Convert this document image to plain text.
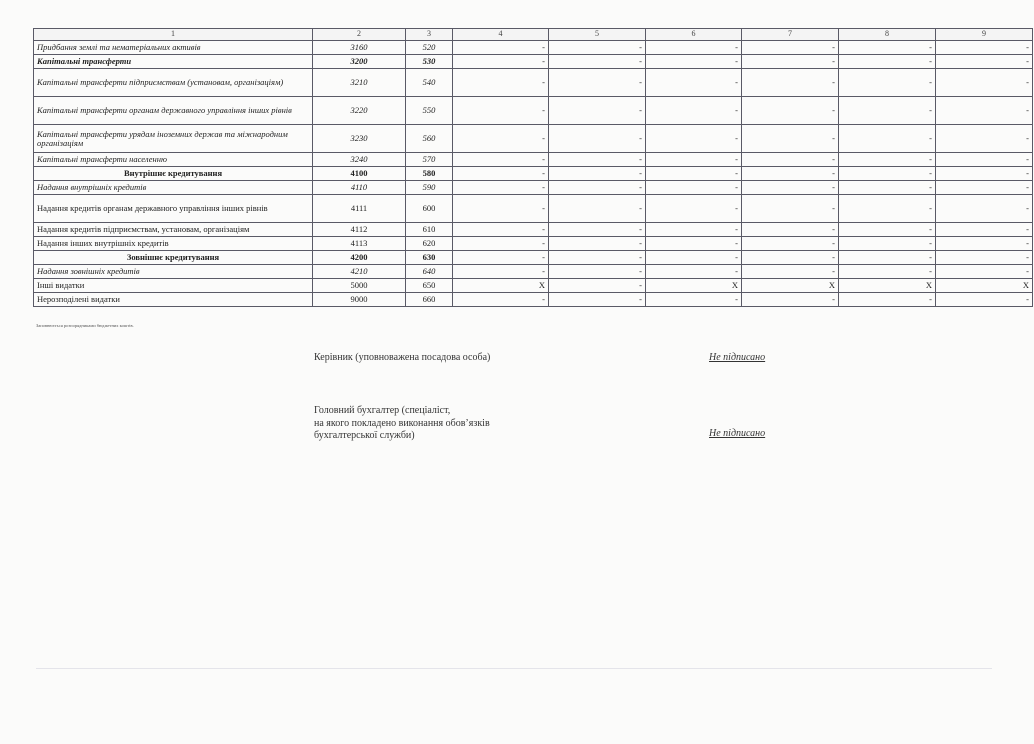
1	2	3	4	5	6	7	8	9
Придбання землі та нематеріальних активів	3160	520	-	-	-	-	-	-
Капітальні трансферти	3200	530	-	-	-	-	-	-
Капітальні трансферти підприємствам (установам, організаціям)	3210	540	-	-	-	-	-	-
Капітальні трансферти органам державного управління інших рівнів	3220	550	-	-	-	-	-	-
Капітальні трансферти урядам іноземних держав та міжнародним організаціям	3230	560	-	-	-	-	-	-
Капітальні трансферти населенню	3240	570	-	-	-	-	-	-
Внутрішнє кредитування	4100	580	-	-	-	-	-	-
Надання внутрішніх кредитів	4110	590	-	-	-	-	-	-
Надання кредитів органам державного управління інших рівнів	4111	600	-	-	-	-	-	-
Надання кредитів підприємствам, установам, організаціям	4112	610	-	-	-	-	-	-
Надання інших внутрішніх кредитів	4113	620	-	-	-	-	-	-
Зовнішнє кредитування	4200	630	-	-	-	-	-	-
Надання зовнішніх кредитів	4210	640	-	-	-	-	-	-
Інші видатки	5000	650	X	-	X	X	X	X
Нерозподілені видатки	9000	660	-	-	-	-	-	-
Заповнюється розпорядниками бюджетних коштів.
Керівник (уповноважена посадова особа)	Не підписано
Головний бухгалтер (спеціаліст,
на якого покладено виконання обов’язків
бухгалтерської служби)	Не підписано
